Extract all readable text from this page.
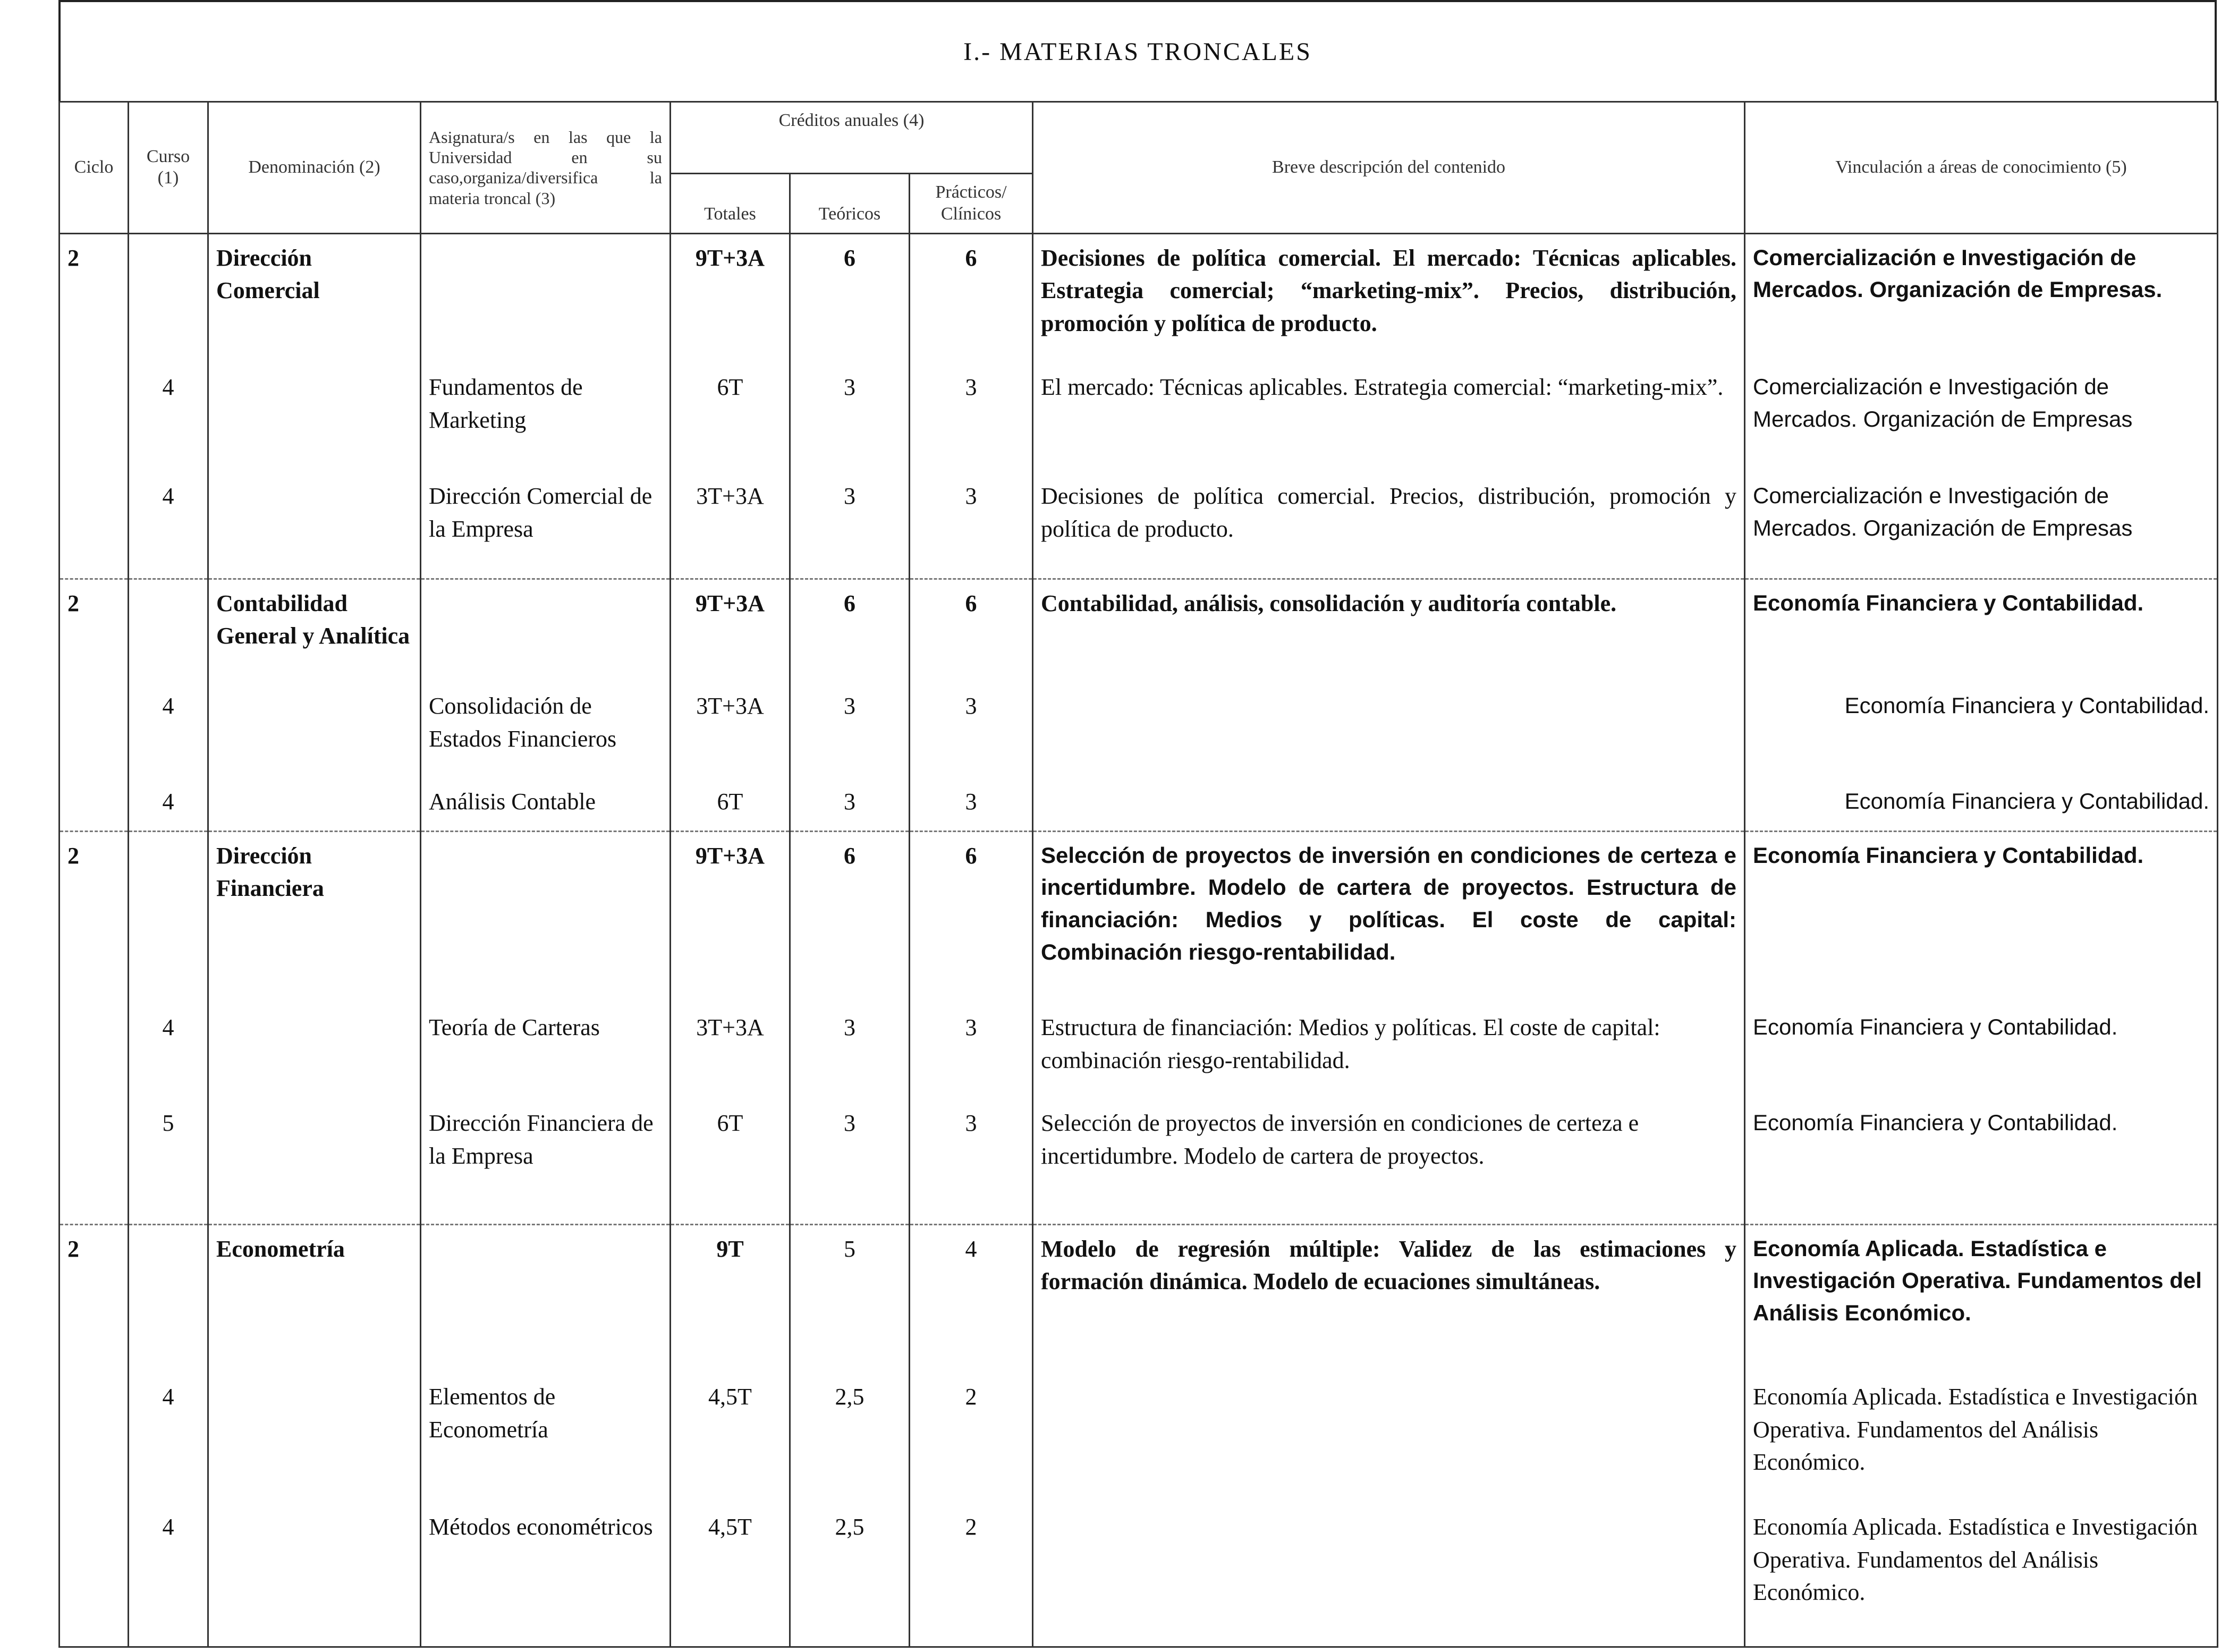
I.- MATERIAS TRONCALES
Ciclo	Curso (1)	Denominación (2)	Asignatura/s en las que la Universidad en su caso,organiza/diversifica la materia troncal (3)	Créditos anuales (4)			Breve descripción del contenido	Vinculación a áreas de conocimiento (5)
				Totales	Teóricos	Prácticos/ Clínicos		
2		Dirección Comercial		9T+3A	6	6	Decisiones de política comercial. El mercado: Técnicas aplicables. Estrategia comercial; “marketing-mix”. Precios, distribución, promoción y política de producto.	Comercialización e Investigación de Mercados. Organización de Empresas.
	4		Fundamentos de Marketing	6T	3	3	El mercado: Técnicas aplicables. Estrategia comercial: “marketing-mix”.	Comercialización e Investigación de Mercados. Organización de Empresas
	4		Dirección Comercial de la Empresa	3T+3A	3	3	Decisiones de política comercial. Precios, distribución, promoción y política de producto.	Comercialización e Investigación de Mercados. Organización de Empresas
2		Contabilidad General y Analítica		9T+3A	6	6	Contabilidad, análisis, consolidación y auditoría contable.	Economía Financiera y Contabilidad.
	4		Consolidación de Estados Financieros	3T+3A	3	3		Economía Financiera y Contabilidad.
	4		Análisis Contable	6T	3	3		Economía Financiera y Contabilidad.
2		Dirección Financiera		9T+3A	6	6	Selección de proyectos de inversión en condiciones de certeza e incertidumbre. Modelo de cartera de proyectos. Estructura de financiación: Medios y políticas. El coste de capital: Combinación riesgo-rentabilidad.	Economía Financiera y Contabilidad.
	4		Teoría de Carteras	3T+3A	3	3	Estructura de financiación: Medios y políticas. El coste de capital: combinación riesgo-rentabilidad.	Economía Financiera y Contabilidad.
	5		Dirección Financiera de la Empresa	6T	3	3	Selección de proyectos de inversión en condiciones de certeza e incertidumbre. Modelo de cartera de proyectos.	Economía Financiera y Contabilidad.
2		Econometría		9T	5	4	Modelo de regresión múltiple: Validez de las estimaciones y formación dinámica. Modelo de ecuaciones simultáneas.	Economía Aplicada. Estadística e Investigación Operativa. Fundamentos del Análisis Económico.
	4		Elementos de Econometría	4,5T	2,5	2		Economía Aplicada. Estadística e Investigación Operativa. Fundamentos del Análisis Económico.
	4		Métodos econométricos	4,5T	2,5	2		Economía Aplicada. Estadística e Investigación Operativa. Fundamentos del Análisis Económico.
